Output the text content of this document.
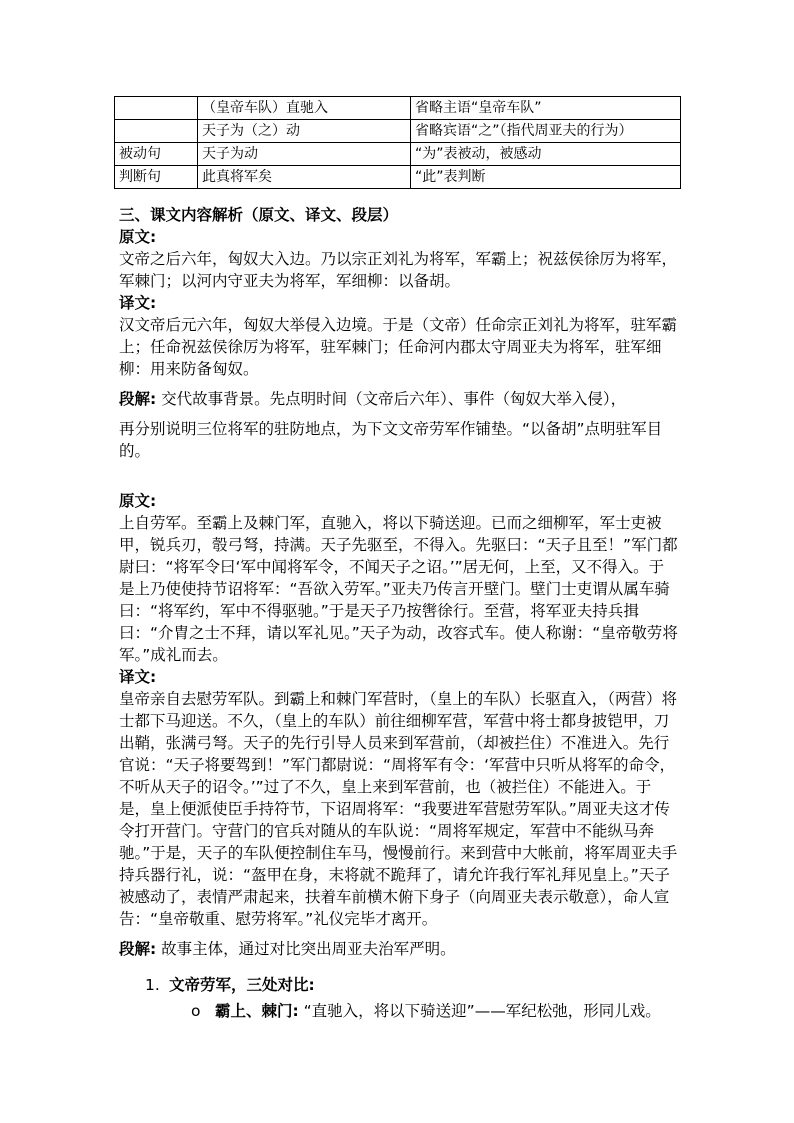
	（皇帝车队）直驰入	省略主语“皇帝车队”
	天子为（之）动	省略宾语“之”（指代周亚夫的行为）
被动句	天子为动	“为”表被动，被感动
判断句	此真将军矣	“此”表判断

三、课文内容解析（原文、译文、段层）

原文:

文帝之后六年，匈奴大入边。乃以宗正刘礼为将军，军霸上；祝兹侯徐厉为将军，军棘门；以河内守亚夫为将军，军细柳：以备胡。

译文:

汉文帝后元六年，匈奴大举侵入边境。于是（文帝）任命宗正刘礼为将军，驻军霸上；任命祝兹侯徐厉为将军，驻军棘门；任命河内郡太守周亚夫为将军，驻军细柳：用来防备匈奴。

段解: 交代故事背景。先点明时间（文帝后六年）、事件（匈奴大举入侵），

再分别说明三位将军的驻防地点，为下文文帝劳军作铺垫。“以备胡”点明驻军目的。

原文:

上自劳军。至霸上及棘门军，直驰入，将以下骑送迎。已而之细柳军，军士吏被甲，锐兵刃，彀弓弩，持满。天子先驱至，不得入。先驱曰：“天子且至！”军门都尉曰：“将军令曰‘军中闻将军令，不闻天子之诏。’”居无何，上至，又不得入。于是上乃使使持节诏将军：“吾欲入劳军。”亚夫乃传言开壁门。壁门士吏谓从属车骑曰：“将军约，军中不得驱驰。”于是天子乃按辔徐行。至营，将军亚夫持兵揖曰：“介胄之士不拜，请以军礼见。”天子为动，改容式车。使人称谢：“皇帝敬劳将军。”成礼而去。

译文:

皇帝亲自去慰劳军队。到霸上和棘门军营时，（皇上的车队）长驱直入，（两营）将士都下马迎送。不久，（皇上的车队）前往细柳军营，军营中将士都身披铠甲，刀出鞘，张满弓弩。天子的先行引导人员来到军营前，（却被拦住）不准进入。先行官说：“天子将要驾到！”军门都尉说：“周将军有令：‘军营中只听从将军的命令，不听从天子的诏令。’”过了不久，皇上来到军营前，也（被拦住）不能进入。于是，皇上便派使臣手持符节，下诏周将军：“我要进军营慰劳军队。”周亚夫这才传令打开营门。守营门的官兵对随从的车队说：“周将军规定，军营中不能纵马奔驰。”于是，天子的车队便控制住车马，慢慢前行。来到营中大帐前，将军周亚夫手持兵器行礼，说：“盔甲在身，末将就不跪拜了，请允许我行军礼拜见皇上。”天子被感动了，表情严肃起来，扶着车前横木俯下身子（向周亚夫表示敬意），命人宣告：“皇帝敬重、慰劳将军。”礼仪完毕才离开。

段解: 故事主体，通过对比突出周亚夫治军严明。

1. 文帝劳军，三处对比:
o 霸上、棘门: “直驰入，将以下骑送迎”——军纪松弛，形同儿戏。
